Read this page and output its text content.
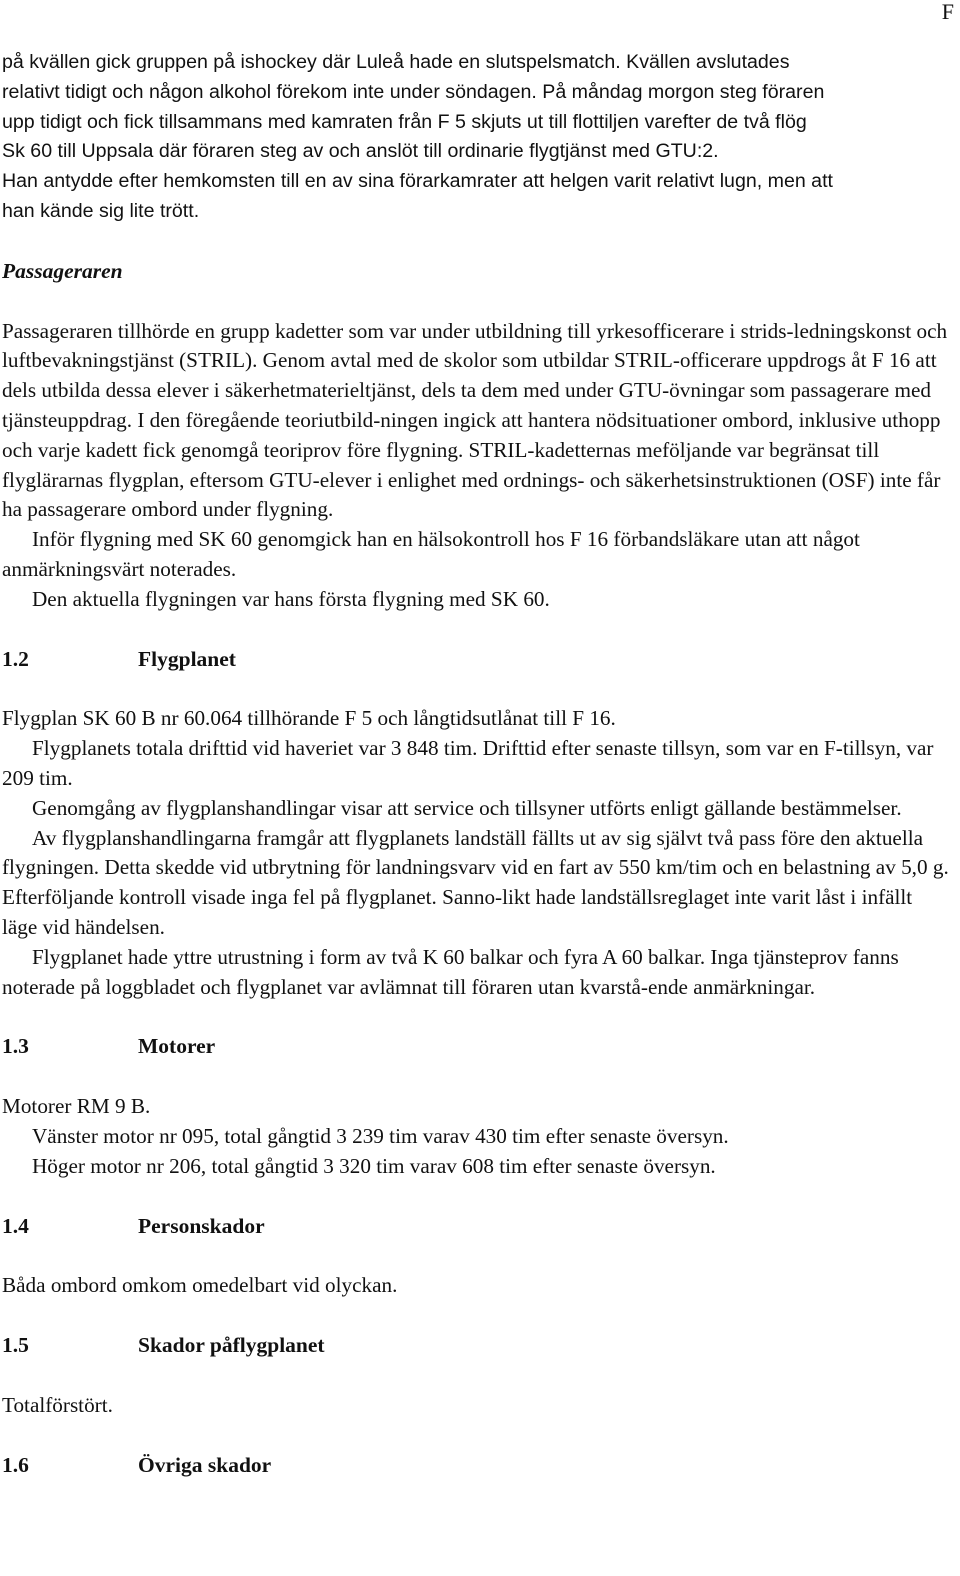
F
på kvällen gick gruppen på ishockey där Luleå hade en slutspelsmatch. Kvällen avslutades
relativt tidigt och någon alkohol förekom inte under söndagen. På måndag morgon steg föraren
upp tidigt och fick tillsammans med kamraten från F 5 skjuts ut till flottiljen varefter de två flög
Sk 60 till Uppsala där föraren steg av och anslöt till ordinarie flygtjänst med GTU:2.
Han antydde efter hemkomsten till en av sina förarkamrater att helgen varit relativt lugn, men att
han kände sig lite trött.
Passageraren

Passageraren tillhörde en grupp kadetter som var under utbildning till yrkesofficerare i strids-ledningskonst och luftbevakningstjänst (STRIL). Genom avtal med de skolor som utbildar STRIL-officerare uppdrogs åt F 16 att dels utbilda dessa elever i säkerhetmaterieltjänst, dels ta dem med under GTU-övningar som passagerare med tjänsteuppdrag. I den föregående teoriutbild-ningen ingick att hantera nödsituationer ombord, inklusive uthopp och varje kadett fick genomgå teoriprov före flygning. STRIL-kadetternas meföljande var begränsat till flyglärarnas flygplan, eftersom GTU-elever i enlighet med ordnings- och säkerhetsinstruktionen (OSF) inte får ha passagerare ombord under flygning.

Inför flygning med SK 60 genomgick han en hälsokontroll hos F 16 förbandsläkare utan att något anmärkningsvärt noterades.

Den aktuella flygningen var hans första flygning med SK 60.

1.2	Flygplanet

Flygplan SK 60 B nr 60.064 tillhörande F 5 och långtidsutlånat till F 16.

Flygplanets totala drifttid vid haveriet var 3 848 tim. Drifttid efter senaste tillsyn, som var en F-tillsyn, var 209 tim.

Genomgång av flygplanshandlingar visar att service och tillsyner utförts enligt gällande bestämmelser.

Av flygplanshandlingarna framgår att flygplanets landställ fällts ut av sig självt två pass före den aktuella flygningen. Detta skedde vid utbrytning för landningsvarv vid en fart av 550 km/tim och en belastning av 5,0 g. Efterföljande kontroll visade inga fel på flygplanet. Sanno-likt hade landställsreglaget inte varit låst i infällt läge vid händelsen.

Flygplanet hade yttre utrustning i form av två K 60 balkar och fyra A 60 balkar. Inga tjänsteprov fanns noterade på loggbladet och flygplanet var avlämnat till föraren utan kvarstå-ende anmärkningar.

1.3	Motorer

Motorer RM 9 B.

Vänster motor nr 095, total gångtid 3 239 tim varav 430 tim efter senaste översyn.

Höger motor nr 206, total gångtid 3 320 tim varav 608 tim efter senaste översyn.

1.4	Personskador

Båda ombord omkom omedelbart vid olyckan.

1.5	Skador påflygplanet

Totalförstört.

1.6	Övriga skador
